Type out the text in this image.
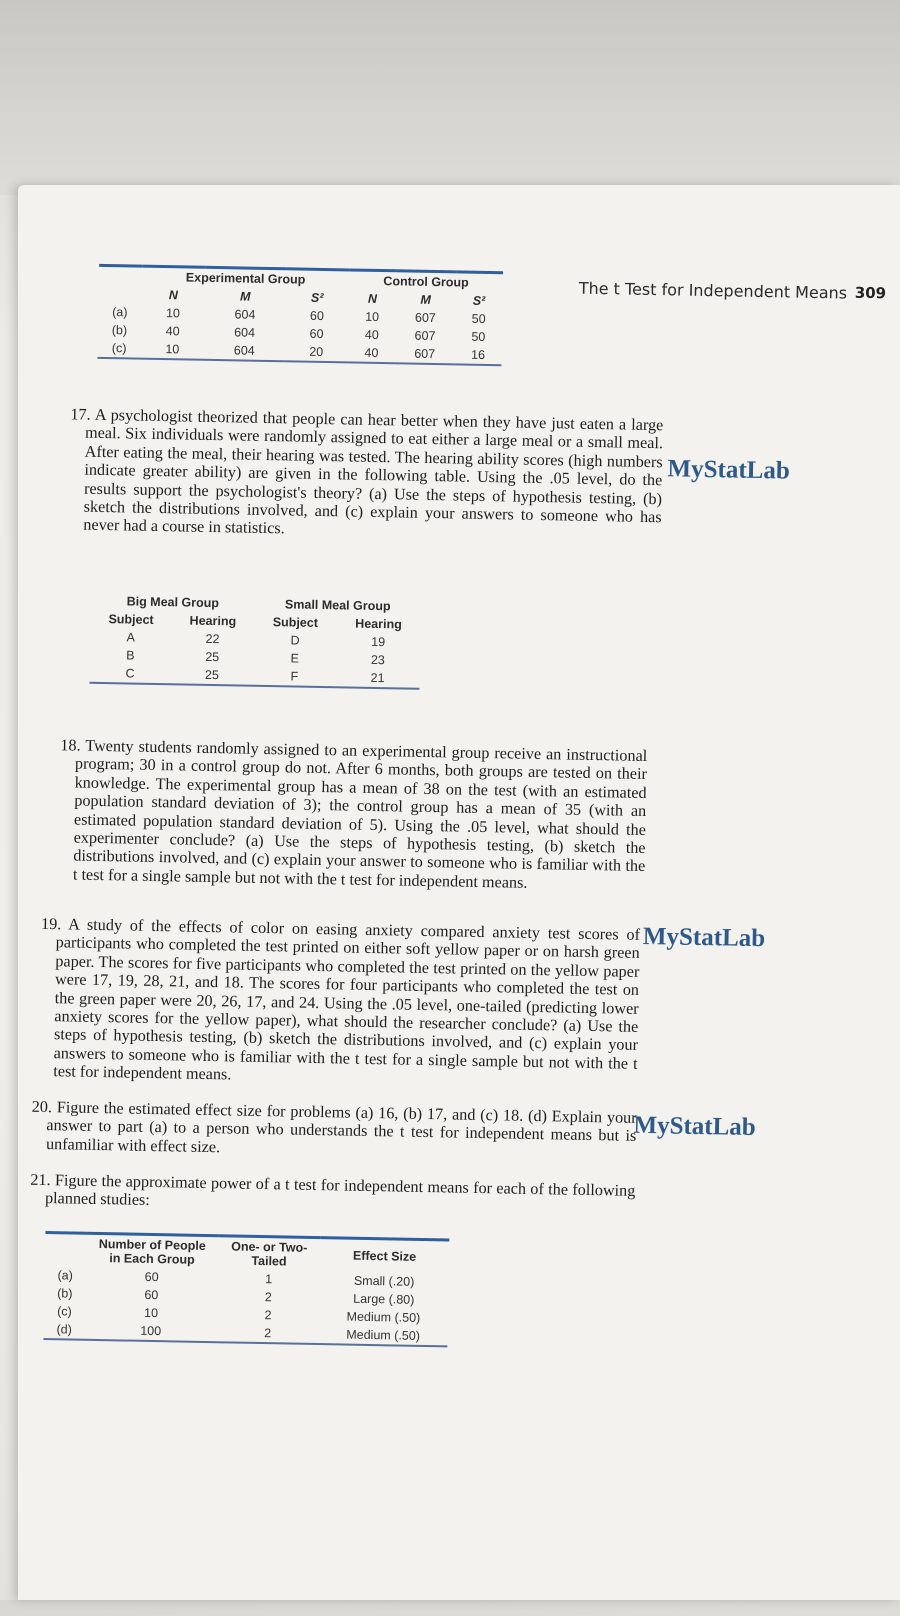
The t Test for Independent Means 309
	Experimental Group			Control Group		
	N	M	S²	N	M	S²
(a)	10	604	60	10	607	50
(b)	40	604	60	40	607	50
(c)	10	604	20	40	607	16
17. A psychologist theorized that people can hear better when they have just eaten a large meal. Six individuals were randomly assigned to eat either a large meal or a small meal. After eating the meal, their hearing was tested. The hearing ability scores (high numbers indicate greater ability) are given in the following table. Using the .05 level, do the results support the psychologist's theory? (a) Use the steps of hypothesis testing, (b) sketch the distributions involved, and (c) explain your answers to someone who has never had a course in statistics.
MyStatLab
Big Meal Group		Small Meal Group	
Subject	Hearing	Subject	Hearing
A	22	D	19
B	25	E	23
C	25	F	21
18. Twenty students randomly assigned to an experimental group receive an instructional program; 30 in a control group do not. After 6 months, both groups are tested on their knowledge. The experimental group has a mean of 38 on the test (with an estimated population standard deviation of 3); the control group has a mean of 35 (with an estimated population standard deviation of 5). Using the .05 level, what should the experimenter conclude? (a) Use the steps of hypothesis testing, (b) sketch the distributions involved, and (c) explain your answer to someone who is familiar with the t test for a single sample but not with the t test for independent means.
19. A study of the effects of color on easing anxiety compared anxiety test scores of participants who completed the test printed on either soft yellow paper or on harsh green paper. The scores for five participants who completed the test printed on the yellow paper were 17, 19, 28, 21, and 18. The scores for four participants who completed the test on the green paper were 20, 26, 17, and 24. Using the .05 level, one-tailed (predicting lower anxiety scores for the yellow paper), what should the researcher conclude? (a) Use the steps of hypothesis testing, (b) sketch the distributions involved, and (c) explain your answers to someone who is familiar with the t test for a single sample but not with the t test for independent means.
MyStatLab
20. Figure the estimated effect size for problems (a) 16, (b) 17, and (c) 18. (d) Explain your answer to part (a) to a person who understands the t test for independent means but is unfamiliar with effect size.
MyStatLab
21. Figure the approximate power of a t test for independent means for each of the following planned studies:
	Number of People in Each Group	One- or Two-Tailed	Effect Size
(a)	60	1	Small (.20)
(b)	60	2	Large (.80)
(c)	10	2	Medium (.50)
(d)	100	2	Medium (.50)
